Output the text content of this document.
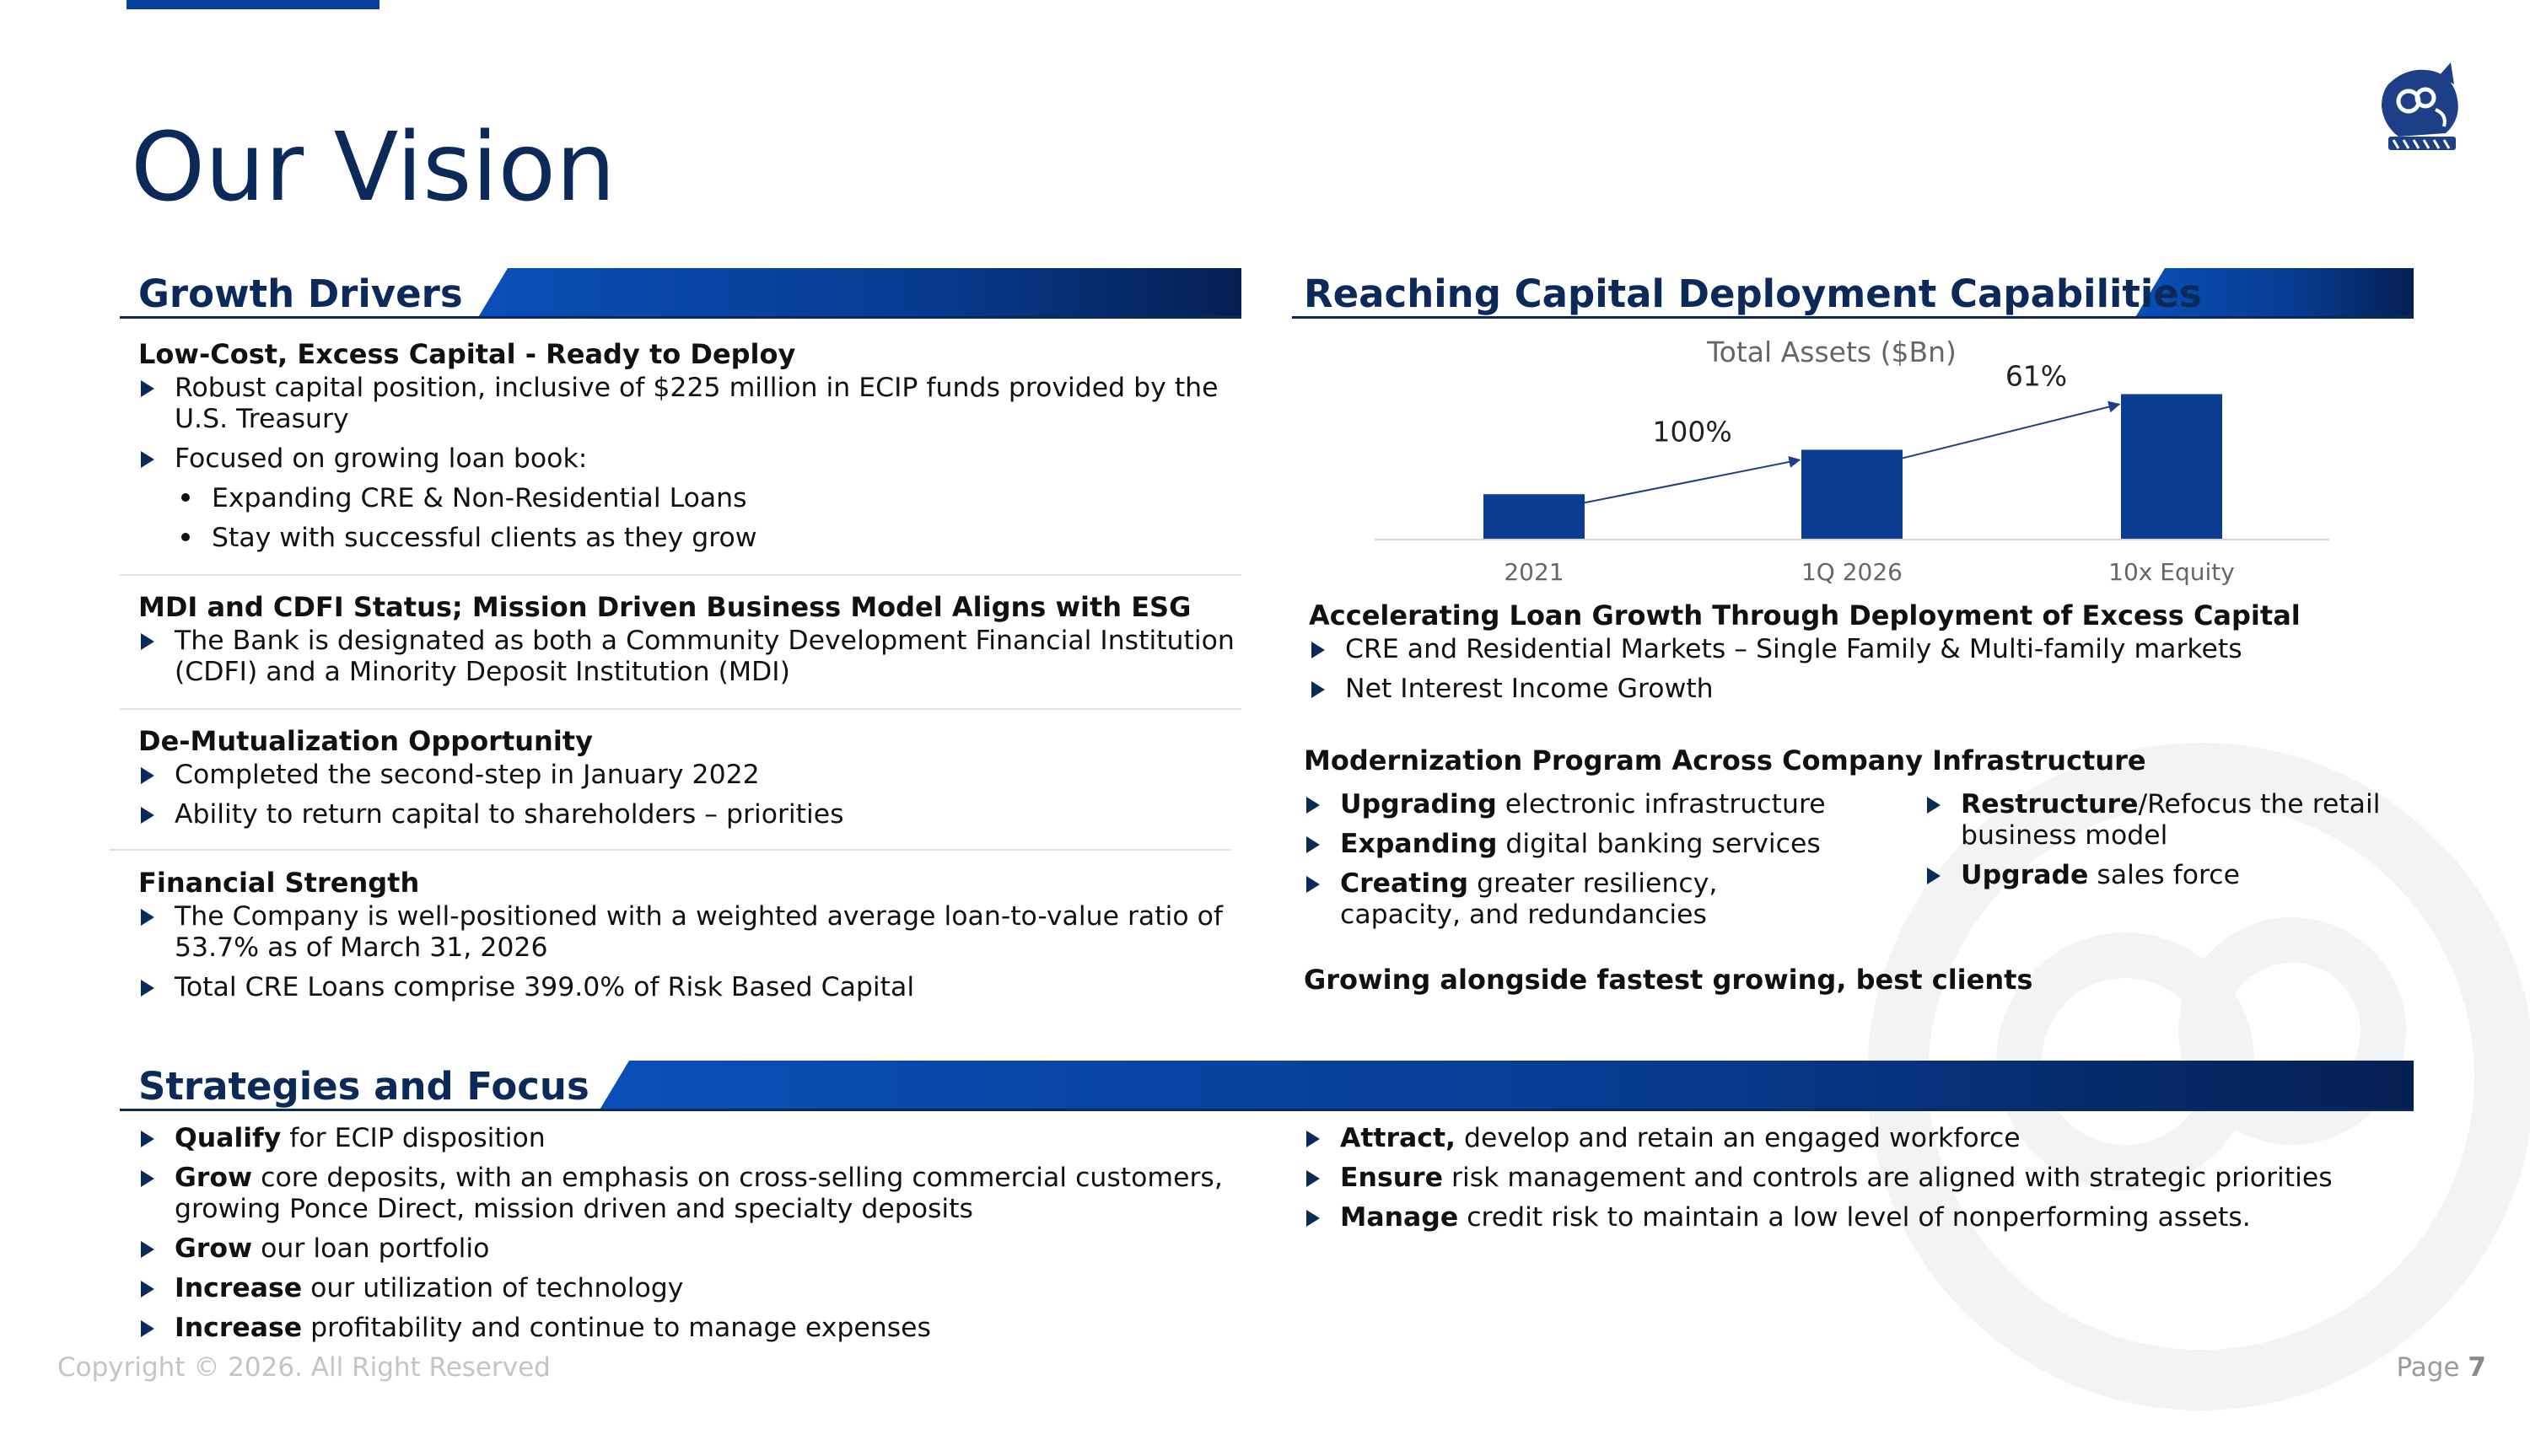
Our Vision
Growth Drivers
Low-Cost, Excess Capital - Ready to Deploy
Robust capital position, inclusive of $225 million in ECIP funds provided by the U.S. Treasury
Focused on growing loan book:
Expanding CRE & Non-Residential Loans
Stay with successful clients as they grow
MDI and CDFI Status; Mission Driven Business Model Aligns with ESG
The Bank is designated as both a Community Development Financial Institution (CDFI) and a Minority Deposit Institution (MDI)
De-Mutualization Opportunity
Completed the second-step in January 2022
Ability to return capital to shareholders – priorities
Financial Strength
The Company is well-positioned with a weighted average loan-to-value ratio of 53.7% as of March 31, 2026
Total CRE Loans comprise 399.0% of Risk Based Capital
Reaching Capital Deployment Capabilities
Total Assets ($Bn)
2021	1Q 2026	10x Equity
100%
61%
Accelerating Loan Growth Through Deployment of Excess Capital
CRE and Residential Markets – Single Family & Multi-family markets
Net Interest Income Growth
Modernization Program Across Company Infrastructure
Upgrading electronic infrastructure
Expanding digital banking services
Creating greater resiliency, capacity, and redundancies
Restructure/Refocus the retail business model
Upgrade sales force
Growing alongside fastest growing, best clients
Strategies and Focus
Qualify for ECIP disposition
Grow core deposits, with an emphasis on cross-selling commercial customers, growing Ponce Direct, mission driven and specialty deposits
Grow our loan portfolio
Increase our utilization of technology
Increase profitability and continue to manage expenses
Attract, develop and retain an engaged workforce
Ensure risk management and controls are aligned with strategic priorities
Manage credit risk to maintain a low level of nonperforming assets.
Copyright © 2026. All Right Reserved	Page 7
